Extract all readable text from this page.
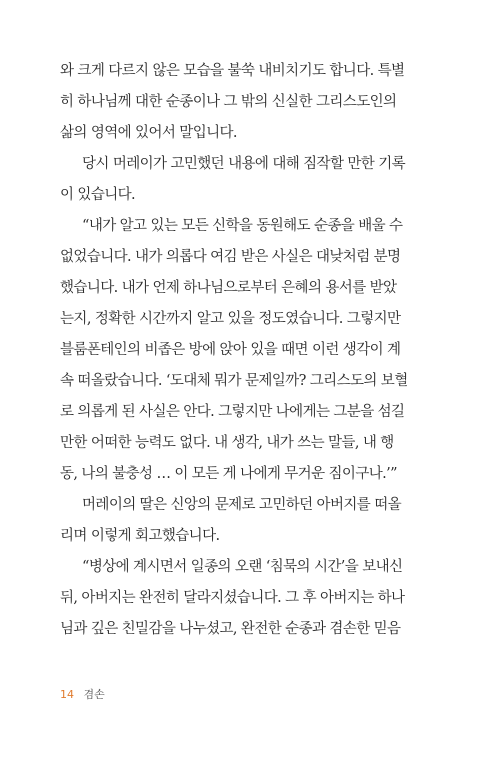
와 크게 다르지 않은 모습을 불쑥 내비치기도 합니다. 특별
히 하나님께 대한 순종이나 그 밖의 신실한 그리스도인의
삶의 영역에 있어서 말입니다.
당시 머레이가 고민했던 내용에 대해 짐작할 만한 기록
이 있습니다.
“내가 알고 있는 모든 신학을 동원해도 순종을 배울 수
없었습니다. 내가 의롭다 여김 받은 사실은 대낮처럼 분명
했습니다. 내가 언제 하나님으로부터 은혜의 용서를 받았
는지, 정확한 시간까지 알고 있을 정도였습니다. 그렇지만
블룸폰테인의 비좁은 방에 앉아 있을 때면 이런 생각이 계
속 떠올랐습니다. ‘도대체 뭐가 문제일까? 그리스도의 보혈
로 의롭게 된 사실은 안다. 그렇지만 나에게는 그분을 섬길
만한 어떠한 능력도 없다. 내 생각, 내가 쓰는 말들, 내 행
동, 나의 불충성 … 이 모든 게 나에게 무거운 짐이구나.’”
머레이의 딸은 신앙의 문제로 고민하던 아버지를 떠올
리며 이렇게 회고했습니다.
“병상에 계시면서 일종의 오랜 ‘침묵의 시간’을 보내신
뒤, 아버지는 완전히 달라지셨습니다. 그 후 아버지는 하나
님과 깊은 친밀감을 나누셨고, 완전한 순종과 겸손한 믿음
14 겸손
